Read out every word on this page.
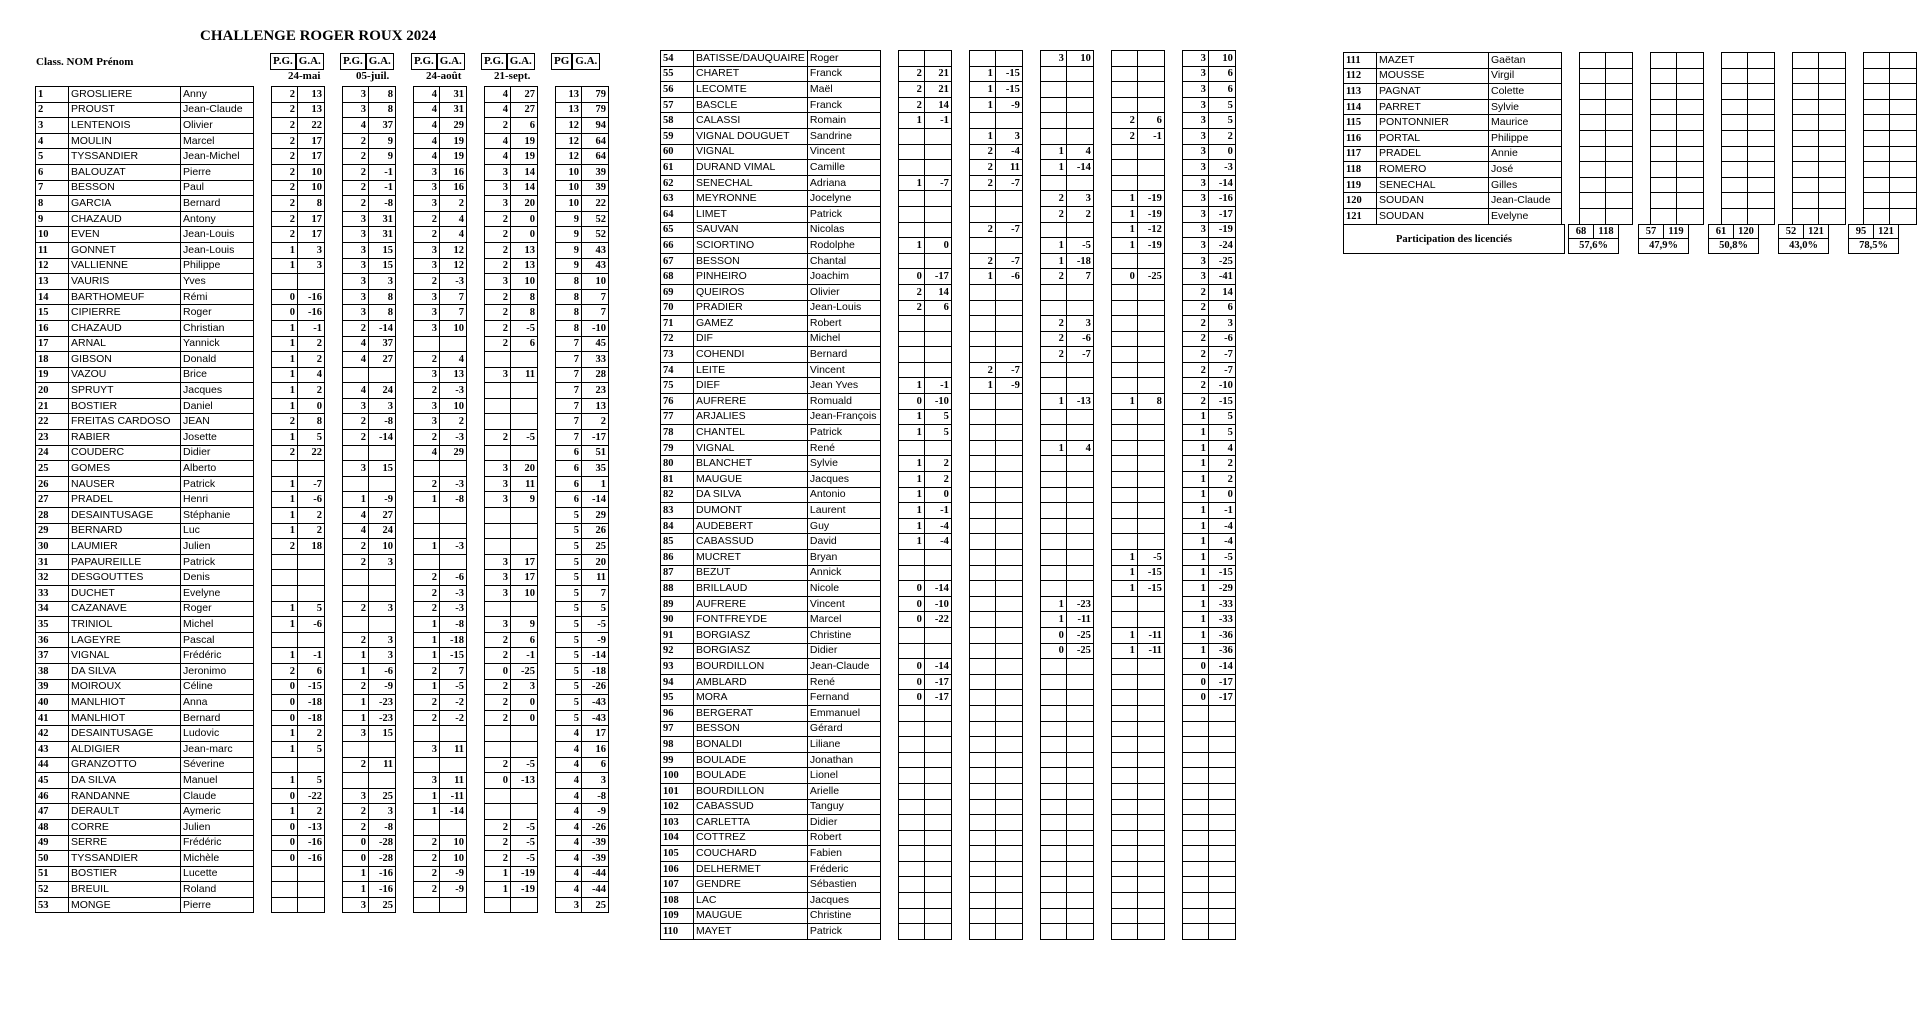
CHALLENGE ROGER ROUX 2024
Class. NOM Prénom	P.G. G.A. P.G. G.A. P.G. G.A. P.G. G.A. PG G.A.
24-mai	05-juil.	24-août	21-sept.
1	GROSLIERE	Anny		2	13		3	8		4	31		4	27		13	79
2	PROUST	Jean-Claude		2	13		3	8		4	31		4	27		13	79
3	LENTENOIS	Olivier		2	22		4	37		4	29		2	6		12	94
4	MOULIN	Marcel		2	17		2	9		4	19		4	19		12	64
5	TYSSANDIER	Jean-Michel		2	17		2	9		4	19		4	19		12	64
6	BALOUZAT	Pierre		2	10		2	-1		3	16		3	14		10	39
7	BESSON	Paul		2	10		2	-1		3	16		3	14		10	39
8	GARCIA	Bernard		2	8		2	-8		3	2		3	20		10	22
9	CHAZAUD	Antony		2	17		3	31		2	4		2	0		9	52
10	EVEN	Jean-Louis		2	17		3	31		2	4		2	0		9	52
11	GONNET	Jean-Louis		1	3		3	15		3	12		2	13		9	43
12	VALLIENNE	Philippe		1	3		3	15		3	12		2	13		9	43
13	VAURIS	Yves					3	3		2	-3		3	10		8	10
14	BARTHOMEUF	Rémi		0	-16		3	8		3	7		2	8		8	7
15	CIPIERRE	Roger		0	-16		3	8		3	7		2	8		8	7
16	CHAZAUD	Christian		1	-1		2	-14		3	10		2	-5		8	-10
17	ARNAL	Yannick		1	2		4	37					2	6		7	45
18	GIBSON	Donald		1	2		4	27		2	4					7	33
19	VAZOU	Brice		1	4					3	13		3	11		7	28
20	SPRUYT	Jacques		1	2		4	24		2	-3					7	23
21	BOSTIER	Daniel		1	0		3	3		3	10					7	13
22	FREITAS CARDOSO	JEAN		2	8		2	-8		3	2					7	2
23	RABIER	Josette		1	5		2	-14		2	-3		2	-5		7	-17
24	COUDERC	Didier		2	22					4	29					6	51
25	GOMES	Alberto					3	15					3	20		6	35
26	NAUSER	Patrick		1	-7					2	-3		3	11		6	1
27	PRADEL	Henri		1	-6		1	-9		1	-8		3	9		6	-14
28	DESAINTUSAGE	Stéphanie		1	2		4	27								5	29
29	BERNARD	Luc		1	2		4	24								5	26
30	LAUMIER	Julien		2	18		2	10		1	-3					5	25
31	PAPAUREILLE	Patrick					2	3					3	17		5	20
32	DESGOUTTES	Denis								2	-6		3	17		5	11
33	DUCHET	Evelyne								2	-3		3	10		5	7
34	CAZANAVE	Roger		1	5		2	3		2	-3					5	5
35	TRINIOL	Michel		1	-6					1	-8		3	9		5	-5
36	LAGEYRE	Pascal					2	3		1	-18		2	6		5	-9
37	VIGNAL	Frédéric		1	-1		1	3		1	-15		2	-1		5	-14
38	DA SILVA	Jeronimo		2	6		1	-6		2	7		0	-25		5	-18
39	MOIROUX	Céline		0	-15		2	-9		1	-5		2	3		5	-26
40	MANLHIOT	Anna		0	-18		1	-23		2	-2		2	0		5	-43
41	MANLHIOT	Bernard		0	-18		1	-23		2	-2		2	0		5	-43
42	DESAINTUSAGE	Ludovic		1	2		3	15								4	17
43	ALDIGIER	Jean-marc		1	5					3	11					4	16
44	GRANZOTTO	Séverine					2	11					2	-5		4	6
45	DA SILVA	Manuel		1	5					3	11		0	-13		4	3
46	RANDANNE	Claude		0	-22		3	25		1	-11					4	-8
47	DERAULT	Aymeric		1	2		2	3		1	-14					4	-9
48	CORRE	Julien		0	-13		2	-8					2	-5		4	-26
49	SERRE	Frédéric		0	-16		0	-28		2	10		2	-5		4	-39
50	TYSSANDIER	Michèle		0	-16		0	-28		2	10		2	-5		4	-39
51	BOSTIER	Lucette					1	-16		2	-9		1	-19		4	-44
52	BREUIL	Roland					1	-16		2	-9		1	-19		4	-44
53	MONGE	Pierre					3	25								3	25
54	BATISSE/DAUQUAIRE	Roger								3	10					3	10
55	CHARET	Franck		2	21		1	-15								3	6
56	LECOMTE	Maël		2	21		1	-15								3	6
57	BASCLE	Franck		2	14		1	-9								3	5
58	CALASSI	Romain		1	-1								2	6		3	5
59	VIGNAL DOUGUET	Sandrine					1	3					2	-1		3	2
60	VIGNAL	Vincent					2	-4		1	4					3	0
61	DURAND VIMAL	Camille					2	11		1	-14					3	-3
62	SENECHAL	Adriana		1	-7		2	-7								3	-14
63	MEYRONNE	Jocelyne								2	3		1	-19		3	-16
64	LIMET	Patrick								2	2		1	-19		3	-17
65	SAUVAN	Nicolas					2	-7					1	-12		3	-19
66	SCIORTINO	Rodolphe		1	0					1	-5		1	-19		3	-24
67	BESSON	Chantal					2	-7		1	-18					3	-25
68	PINHEIRO	Joachim		0	-17		1	-6		2	7		0	-25		3	-41
69	QUEIROS	Olivier		2	14											2	14
70	PRADIER	Jean-Louis		2	6											2	6
71	GAMEZ	Robert								2	3					2	3
72	DIF	Michel								2	-6					2	-6
73	COHENDI	Bernard								2	-7					2	-7
74	LEITE	Vincent					2	-7								2	-7
75	DIEF	Jean Yves		1	-1		1	-9								2	-10
76	AUFRERE	Romuald		0	-10					1	-13		1	8		2	-15
77	ARJALIES	Jean-François		1	5											1	5
78	CHANTEL	Patrick		1	5											1	5
79	VIGNAL	René								1	4					1	4
80	BLANCHET	Sylvie		1	2											1	2
81	MAUGUE	Jacques		1	2											1	2
82	DA SILVA	Antonio		1	0											1	0
83	DUMONT	Laurent		1	-1											1	-1
84	AUDEBERT	Guy		1	-4											1	-4
85	CABASSUD	David		1	-4											1	-4
86	MUCRET	Bryan											1	-5		1	-5
87	BEZUT	Annick											1	-15		1	-15
88	BRILLAUD	Nicole		0	-14								1	-15		1	-29
89	AUFRERE	Vincent		0	-10					1	-23					1	-33
90	FONTFREYDE	Marcel		0	-22					1	-11					1	-33
91	BORGIASZ	Christine								0	-25		1	-11		1	-36
92	BORGIASZ	Didier								0	-25		1	-11		1	-36
93	BOURDILLON	Jean-Claude		0	-14											0	-14
94	AMBLARD	René		0	-17											0	-17
95	MORA	Fernand		0	-17											0	-17
96	BERGERAT	Emmanuel															
97	BESSON	Gérard															
98	BONALDI	Liliane															
99	BOULADE	Jonathan															
100	BOULADE	Lionel															
101	BOURDILLON	Arielle															
102	CABASSUD	Tanguy															
103	CARLETTA	Didier															
104	COTTREZ	Robert															
105	COUCHARD	Fabien															
106	DELHERMET	Fréderic															
107	GENDRE	Sébastien															
108	LAC	Jacques															
109	MAUGUE	Christine															
110	MAYET	Patrick															
111	MAZET	Gaëtan															
112	MOUSSE	Virgil															
113	PAGNAT	Colette															
114	PARRET	Sylvie															
115	PONTONNIER	Maurice															
116	PORTAL	Philippe															
117	PRADEL	Annie															
118	ROMERO	José															
119	SENECHAL	Gilles															
120	SOUDAN	Jean-Claude															
121	SOUDAN	Evelyne															
Participation des licenciés
68	118
57,6%
57	119
47,9%
61	120
50,8%
52	121
43,0%
95	121
78,5%
